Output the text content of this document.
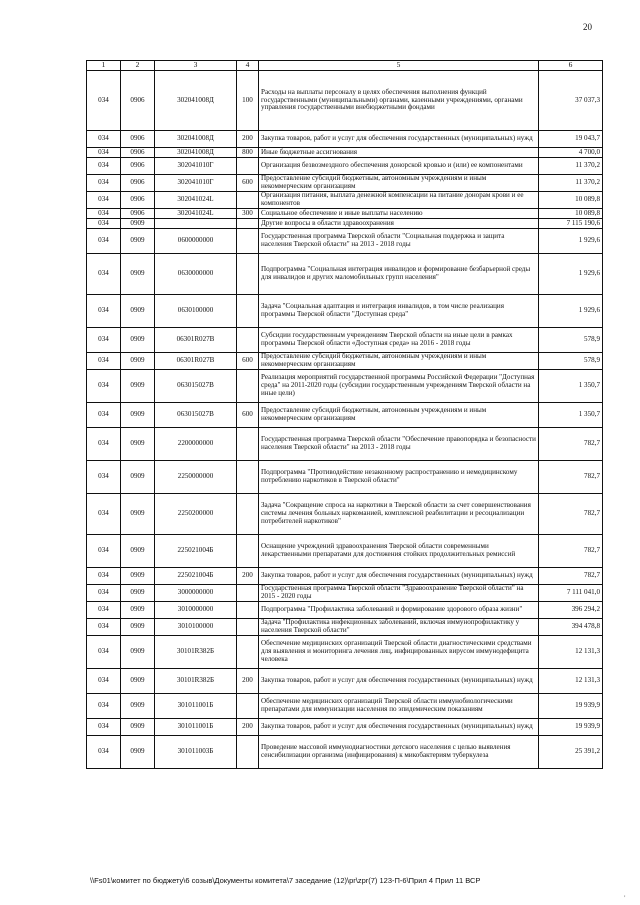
20
1	2	3	4	5	6
034	0906	302041008Д	100	Расходы на выплаты персоналу в целях обеспечения выполнения функций государственными (муниципальными) органами, казенными учреждениями, органами управления государственными внебюджетными фондами	37 037,3
034	0906	302041008Д	200	Закупка товаров, работ и услуг для обеспечения государственных (муниципальных) нужд	19 043,7
034	0906	302041008Д	800	Иные бюджетные ассигнования	4 700,0
034	0906	302041010Г		Организация безвозмездного обеспечения донорской кровью и (или) ее компонентами	11 370,2
034	0906	302041010Г	600	Предоставление субсидий бюджетным, автономным учреждениям и иным некоммерческим организациям	11 370,2
034	0906	302041024L		Организация питания, выплата денежной компенсации на питание донорам крови и ее компонентов	10 089,8
034	0906	302041024L	300	Социальное обеспечение и иные выплаты населению	10 089,8
034	0909			Другие вопросы в области здравоохранения	7 115 190,6
034	0909	0600000000		Государственная программа Тверской области "Социальная поддержка и защита населения Тверской области" на 2013 - 2018 годы	1 929,6
034	0909	0630000000		Подпрограмма "Социальная интеграция инвалидов и формирование безбарьерной среды для инвалидов и других маломобильных групп населения"	1 929,6
034	0909	0630100000		Задача "Социальная адаптация и интеграция инвалидов, в том числе реализация программы Тверской области "Доступная среда"	1 929,6
034	0909	06301R027В		Субсидии государственным учреждениям Тверской области на иные цели в рамках программы Тверской области «Доступная среда» на 2016 - 2018 годы	578,9
034	0909	06301R027В	600	Предоставление субсидий бюджетным, автономным учреждениям и иным некоммерческим организациям	578,9
034	0909	063015027В		Реализация мероприятий государственной программы Российской Федерации "Доступная среда" на 2011-2020 годы (субсидии государственным учреждениям Тверской области на иные цели)	1 350,7
034	0909	063015027В	600	Предоставление субсидий бюджетным, автономным учреждениям и иным некоммерческим организациям	1 350,7
034	0909	2200000000		Государственная программа Тверской области "Обеспечение правопорядка и безопасности населения Тверской области" на 2013 - 2018 годы	782,7
034	0909	2250000000		Подпрограмма "Противодействие незаконному распространению и немедицинскому потреблению наркотиков в Тверской области"	782,7
034	0909	2250200000		Задача "Сокращение спроса на наркотики в Тверской области за счет совершенствования системы лечения больных наркоманией, комплексной реабилитации и ресоциализации потребителей наркотиков"	782,7
034	0909	225021004Б		Оснащение учреждений здравоохранения Тверской области современными лекарственными препаратами для достижения стойких продолжительных ремиссий	782,7
034	0909	225021004Б	200	Закупка товаров, работ и услуг для обеспечения государственных (муниципальных) нужд	782,7
034	0909	3000000000		Государственная программа Тверской области "Здравоохранение Тверской области" на 2015 - 2020 годы	7 111 041,0
034	0909	3010000000		Подпрограмма "Профилактика заболеваний и формирование здорового образа жизни"	396 294,2
034	0909	3010100000		Задача "Профилактика инфекционных заболеваний, включая иммунопрофилактику у населения Тверской области"	394 478,8
034	0909	30101R382Б		Обеспечение медицинских организаций Тверской области диагностическими средствами для выявления и мониторинга лечения лиц, инфицированных вирусом иммунодефицита человека	12 131,3
034	0909	30101R382Б	200	Закупка товаров, работ и услуг для обеспечения государственных (муниципальных) нужд	12 131,3
034	0909	301011001Б		Обеспечение медицинских организаций Тверской области иммунобиологическими препаратами для иммунизации населения по эпидемическим показаниям	19 939,9
034	0909	301011001Б	200	Закупка товаров, работ и услуг для обеспечения государственных (муниципальных) нужд	19 939,9
034	0909	301011003Б		Проведение массовой иммунодиагностики детского населения с целью выявления сенсибилизации организма (инфицирования) к микобактериям туберкулеза	25 391,2
\\Fs01\комитет по бюджету\6 созыв\Документы комитета\7 заседание (12)\pr\zpr(7) 123-П-6\Прил 4 Прил 11 ВСР
,
